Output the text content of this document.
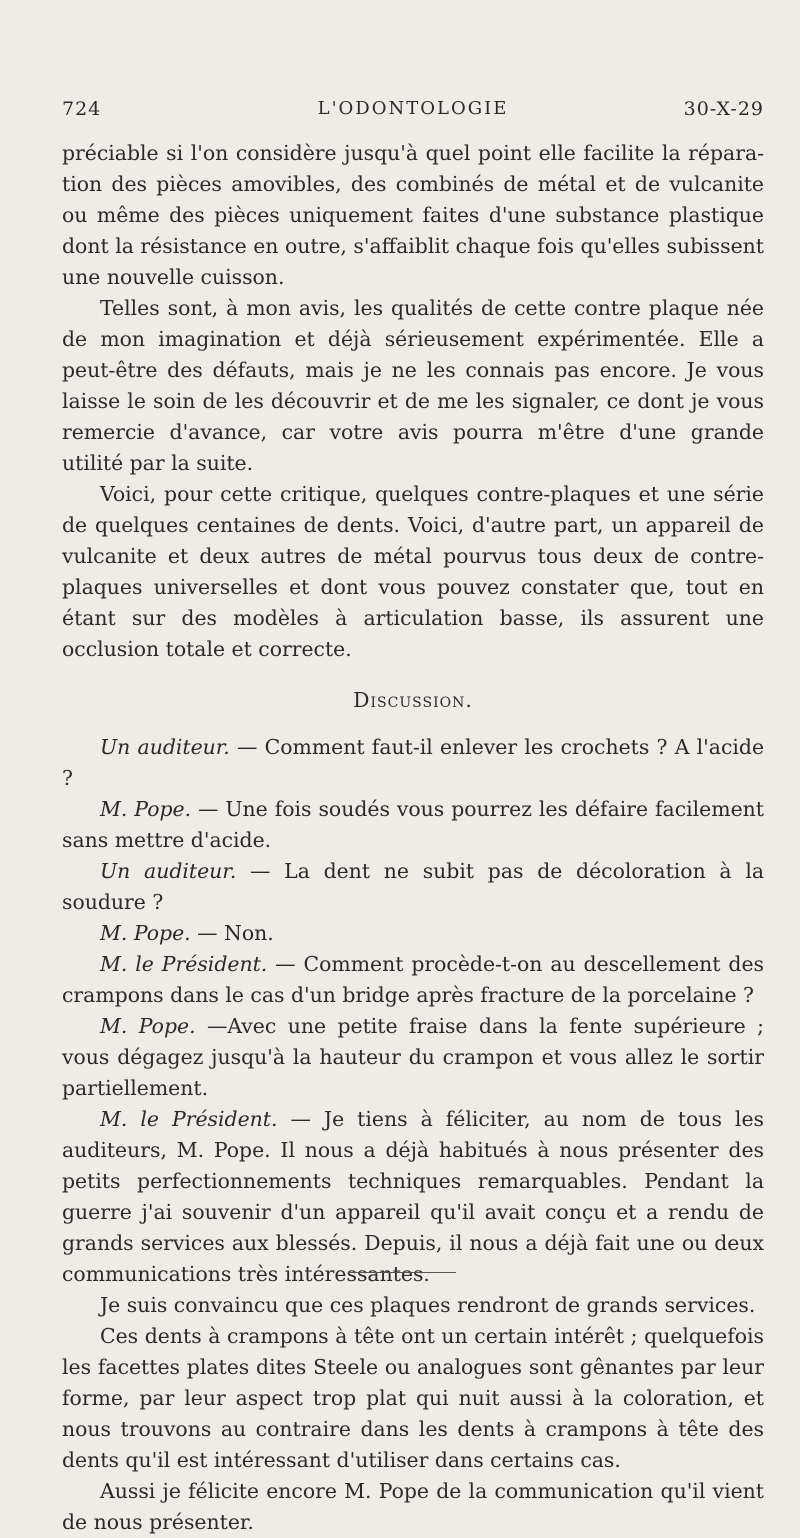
724	L'ODONTOLOGIE	30-X-29

préciable si l'on considère jusqu'à quel point elle facilite la répara-tion des pièces amovibles, des combinés de métal et de vulcanite ou même des pièces uniquement faites d'une substance plastique dont la résistance en outre, s'affaiblit chaque fois qu'elles subissent une nouvelle cuisson.

Telles sont, à mon avis, les qualités de cette contre plaque née de mon imagination et déjà sérieusement expérimentée. Elle a peut-être des défauts, mais je ne les connais pas encore. Je vous laisse le soin de les découvrir et de me les signaler, ce dont je vous remercie d'avance, car votre avis pourra m'être d'une grande utilité par la suite.

Voici, pour cette critique, quelques contre-plaques et une série de quelques centaines de dents. Voici, d'autre part, un appareil de vulcanite et deux autres de métal pourvus tous deux de contre-plaques universelles et dont vous pouvez constater que, tout en étant sur des modèles à articulation basse, ils assurent une occlusion totale et correcte.

Discussion.

Un auditeur. — Comment faut-il enlever les crochets ? A l'acide ?

M. Pope. — Une fois soudés vous pourrez les défaire facilement sans mettre d'acide.

Un auditeur. — La dent ne subit pas de décoloration à la soudure ?

M. Pope. — Non.

M. le Président. — Comment procède-t-on au descellement des crampons dans le cas d'un bridge après fracture de la porcelaine ?

M. Pope. —Avec une petite fraise dans la fente supérieure ; vous dégagez jusqu'à la hauteur du crampon et vous allez le sortir partiellement.

M. le Président. — Je tiens à féliciter, au nom de tous les auditeurs, M. Pope. Il nous a déjà habitués à nous présenter des petits perfectionnements techniques remarquables. Pendant la guerre j'ai souvenir d'un appareil qu'il avait conçu et a rendu de grands services aux blessés. Depuis, il nous a déjà fait une ou deux communications très intéressantes.

Je suis convaincu que ces plaques rendront de grands services.

Ces dents à crampons à tête ont un certain intérêt ; quelquefois les facettes plates dites Steele ou analogues sont gênantes par leur forme, par leur aspect trop plat qui nuit aussi à la coloration, et nous trouvons au contraire dans les dents à crampons à tête des dents qu'il est intéressant d'utiliser dans certains cas.

Aussi je félicite encore M. Pope de la communication qu'il vient de nous présenter.
